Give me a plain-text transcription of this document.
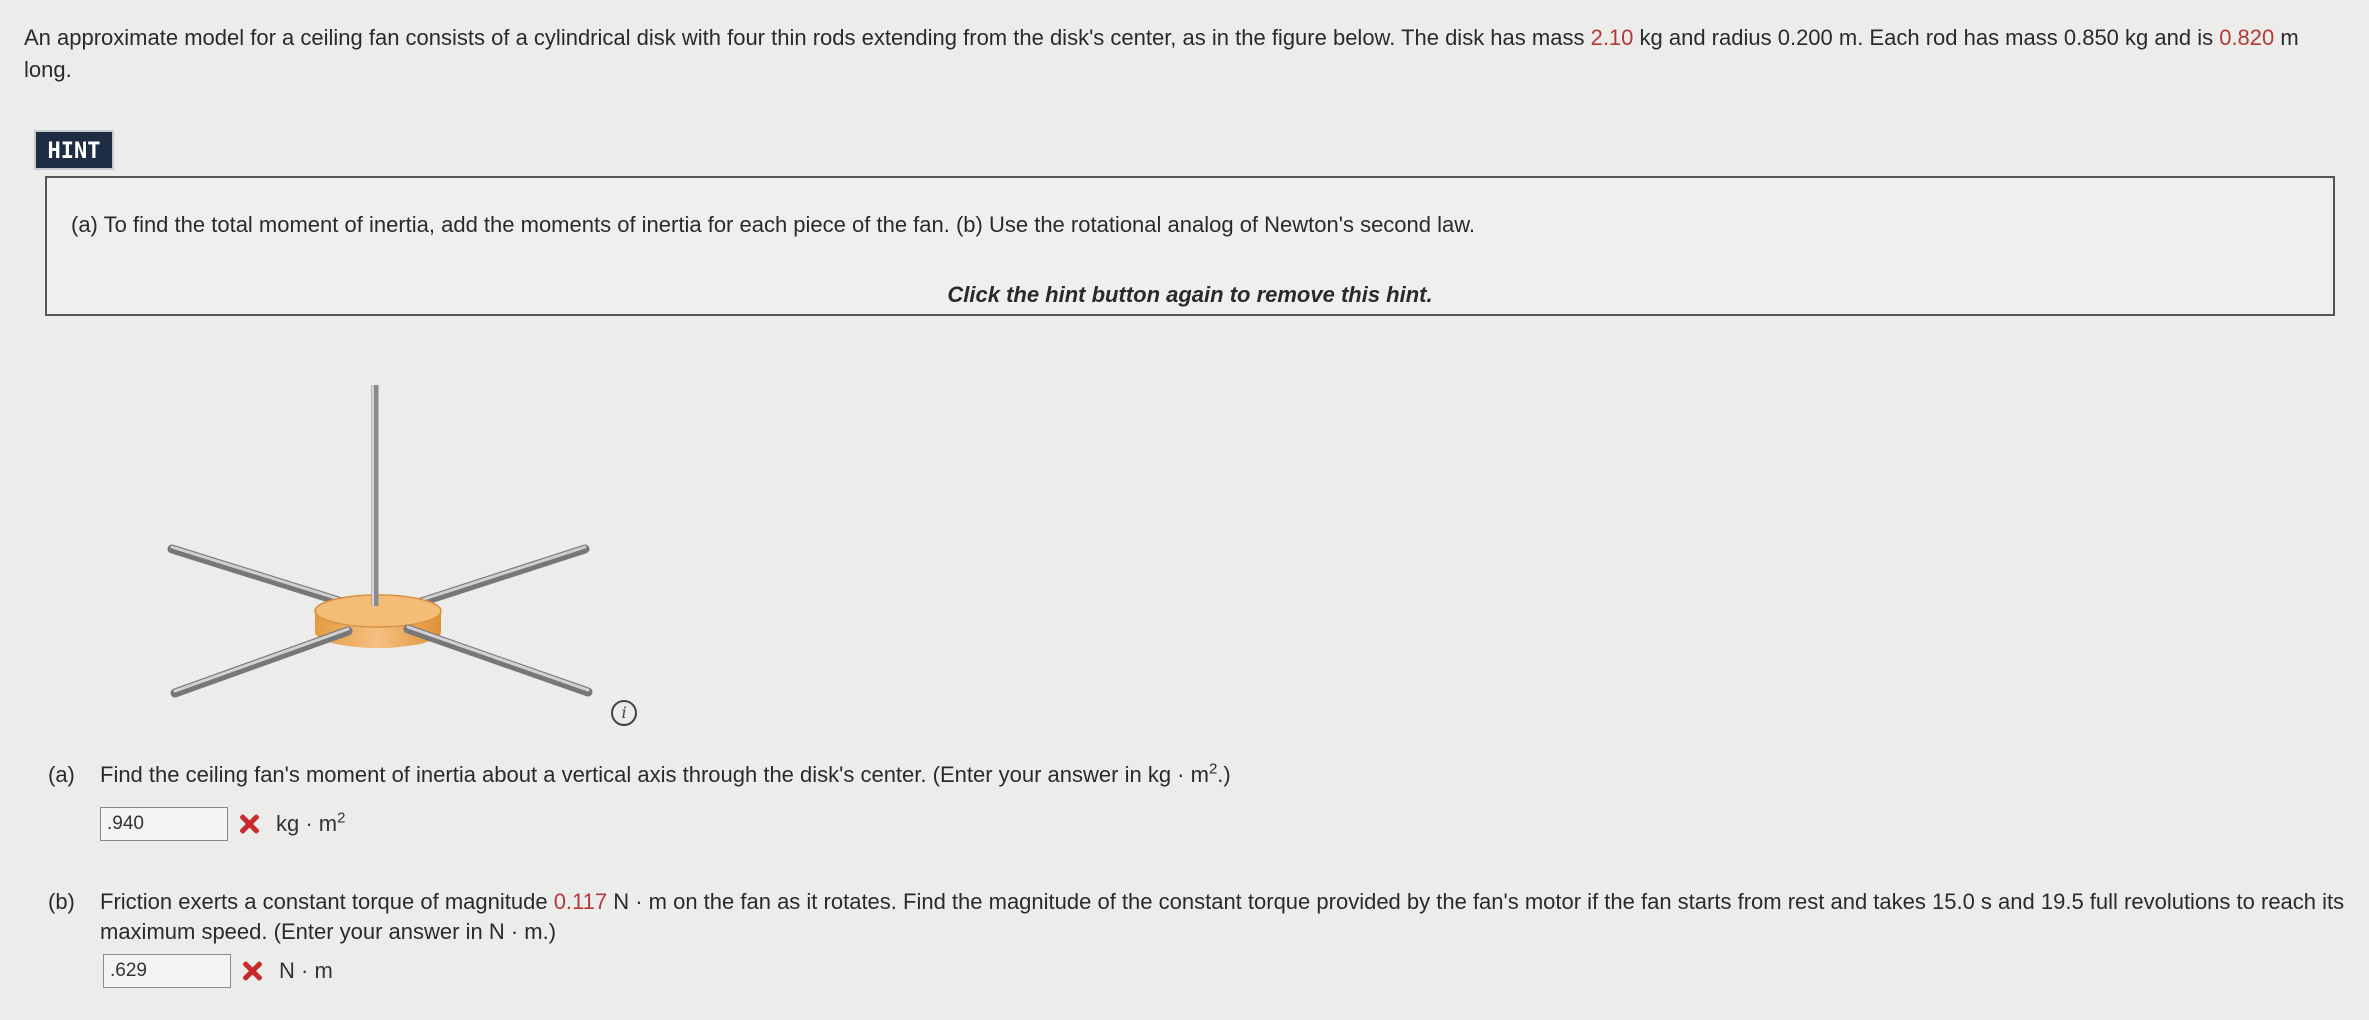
An approximate model for a ceiling fan consists of a cylindrical disk with four thin rods extending from the disk's center, as in the figure below. The disk has mass 2.10 kg and radius 0.200 m. Each rod has mass 0.850 kg and is 0.820 m long.
HINT
(a) To find the total moment of inertia, add the moments of inertia for each piece of the fan. (b) Use the rotational analog of Newton's second law.
Click the hint button again to remove this hint.
i
(a) Find the ceiling fan's moment of inertia about a vertical axis through the disk's center. (Enter your answer in kg · $m^2$.)
.940
kg · $m^2$
(b) Friction exerts a constant torque of magnitude 0.117 N · m on the fan as it rotates. Find the magnitude of the constant torque provided by the fan's motor if the fan starts from rest and takes 15.0 s and 19.5 full revolutions to reach its maximum speed. (Enter your answer in N · m.)
.629
N · m
